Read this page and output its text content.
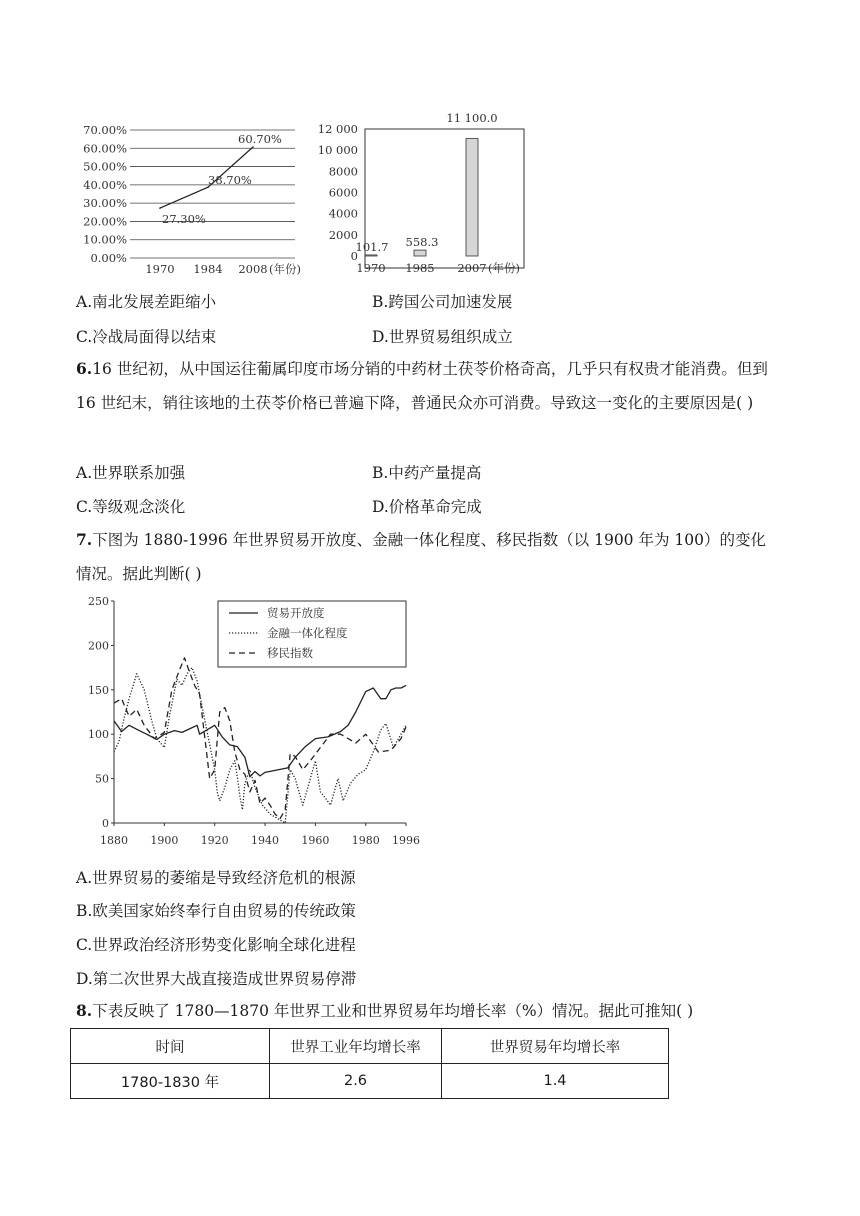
70.00%
60.00%
50.00%
40.00%
30.00%
20.00%
10.00%
0.00%
27.30%
38.70%
60.70%
1970 1984 2008 (年份)
12 000
10 000
8000
6000
4000
2000
0
101.7 558.3
11 100.0
1970 1985 2007 (年份)
A.南北发展差距缩小	B.跨国公司加速发展
C.冷战局面得以结束	D.世界贸易组织成立
6.16 世纪初，从中国运往葡属印度市场分销的中药材土茯苓价格奇高，几乎只有权贵才能消费。但到 16 世纪末，销往该地的土茯苓价格已普遍下降，普通民众亦可消费。导致这一变化的主要原因是( )
A.世界联系加强	B.中药产量提高
C.等级观念淡化	D.价格革命完成
7.下图为 1880-1996 年世界贸易开放度、金融一体化程度、移民指数（以 1900 年为 100）的变化情况。据此判断( )
0
50
100
150
200
250
1880 1900 1920 1940 1960 1980 1996
贸易开放度
金融一体化程度
移民指数
A.世界贸易的萎缩是导致经济危机的根源
B.欧美国家始终奉行自由贸易的传统政策
C.世界政治经济形势变化影响全球化进程
D.第二次世界大战直接造成世界贸易停滞
8.下表反映了 1780—1870 年世界工业和世界贸易年均增长率（%）情况。据此可推知( )
时间	世界工业年均增长率	世界贸易年均增长率
1780-1830 年	2.6	1.4
